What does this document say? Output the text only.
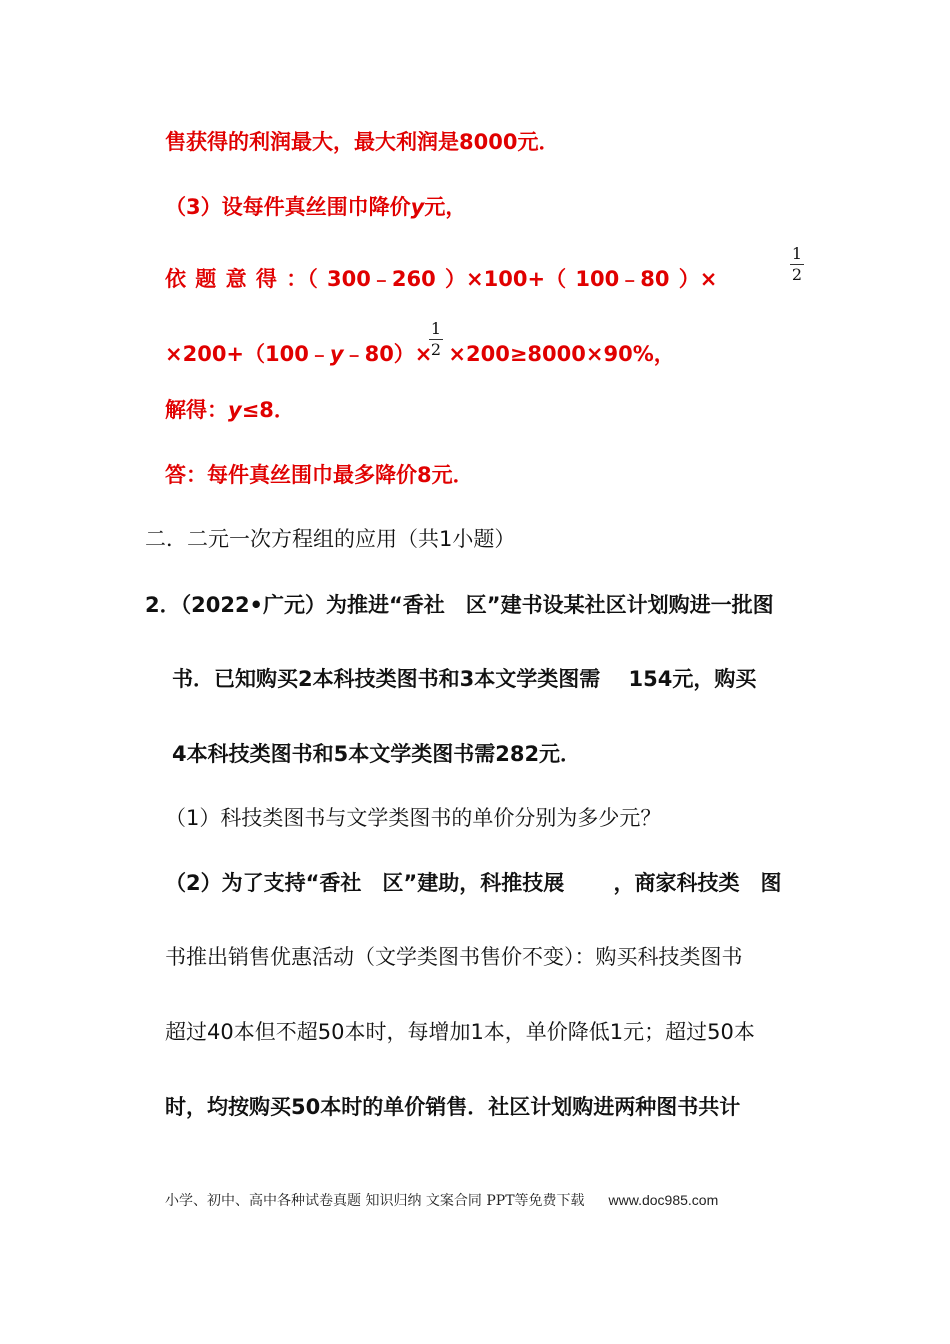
售获得的利润最大，最大利润是8000元．
（3）设每件真丝围巾降价y元，
依 题 意 得 ：（ 300﹣260 ）×100+（ 100﹣80 ）×
1
2
×200+（100﹣y﹣80）× ×200≥8000×90%，
1
2
解得：y≤8．
答：每件真丝围巾最多降价8元．
二．二元一次方程组的应用（共1小题）
2．（2022•广元）为推进“香社　区”建书设某社区计划购进一批图
书．已知购买2本科技类图书和3本文学类图需　 154元，购买
4本科技类图书和5本文学类图书需282元．
（1）科技类图书与文学类图书的单价分别为多少元？
（2）为了支持“香社　区”建助，科推技展　　 ，商家科技类　图
书推出销售优惠活动（文学类图书售价不变）：购买科技类图书
超过40本但不超50本时，每增加1本，单价降低1元；超过50本
时，均按购买50本时的单价销售．社区计划购进两种图书共计
小学、初中、高中各种试卷真题 知识归纳 文案合同 PPT等免费下载 www.doc985.com
